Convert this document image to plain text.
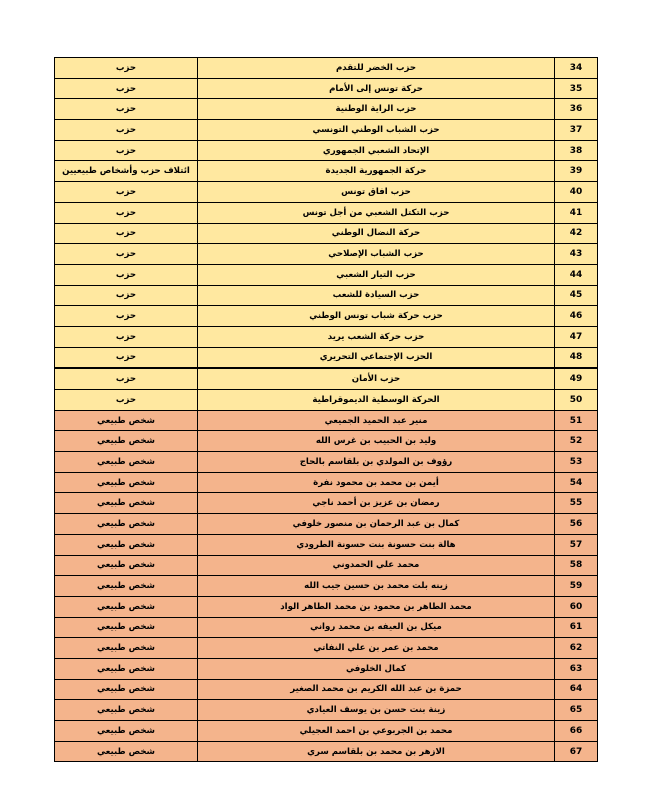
حزب	حزب الخضر للتقدم	34
حزب	حركة تونس إلى الأمام	35
حزب	حزب الراية الوطنية	36
حزب	حزب الشباب الوطني التونسي	37
حزب	الإتحاد الشعبي الجمهوري	38
ائتلاف حزب وأشخاص طبيعيين	حركة الجمهورية الجديدة	39
حزب	حزب افاق تونس	40
حزب	حزب التكتل الشعبي من أجل تونس	41
حزب	حركة النضال الوطني	42
حزب	حزب الشباب الإصلاحي	43
حزب	حزب التيار الشعبي	44
حزب	حزب السيادة للشعب	45
حزب	حزب حركة شباب تونس الوطني	46
حزب	حزب حركة الشعب يريد	47
حزب	الحزب الإجتماعي التحريري	48
حزب	حزب الأمان	49
حزب	الحركة الوسطية الديموقراطية	50
شخص طبيعي	منير عبد الحميد الجميعي	51
شخص طبيعي	وليد بن الحبيب بن غرس الله	52
شخص طبيعي	رؤوف بن المولدي بن بلقاسم بالحاج	53
شخص طبيعي	أيمن بن محمد بن محمود نفرة	54
شخص طبيعي	رمضان بن عزيز بن أحمد ناجي	55
شخص طبيعي	كمال بن عبد الرحمان بن منصور خلوفي	56
شخص طبيعي	هالة بنت حسونة بنت حسونة الطرودي	57
شخص طبيعي	محمد علي الحمدوني	58
شخص طبيعي	زينه بلت محمد بن حسين جيب الله	59
شخص طبيعي	محمد الطاهر بن محمود بن محمد الطاهر الواد	60
شخص طبيعي	ميكل بن العيفه بن محمد رواني	61
شخص طبيعي	محمد بن عمر بن علي النفاتي	62
شخص طبيعي	كمال الخلوفي	63
شخص طبيعي	حمزة بن عبد الله الكريم بن محمد الصغير	64
شخص طبيعي	زينة بنت حسن بن يوسف العيادي	65
شخص طبيعي	محمد بن الجربوعي بن احمد العجيلي	66
شخص طبيعي	الازهر بن محمد بن بلقاسم سري	67
